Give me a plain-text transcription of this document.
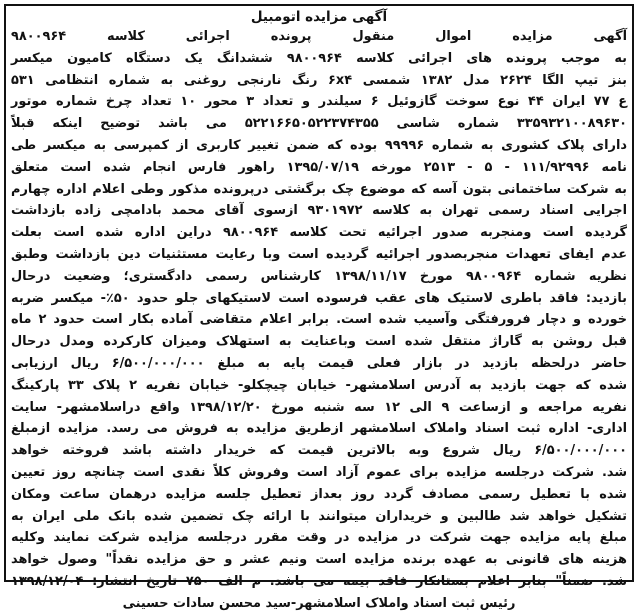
آگهی مزایده اتومبیل
آگهی مزایده اموال منقول پرونده اجرائی کلاسه ۹۸۰۰۹۶۴
به موجب پرونده های اجرائی کلاسه ۹۸۰۰۹۶۴ ششدانگ یک دستگاه کامیون میکسر
بنز تیپ الگا ۲۶۲۴ مدل ۱۳۸۲ شمسی ۶x۴ رنگ نارنجی روغنی به شماره انتظامی ۵۳۱
ع ۷۷ ایران ۴۴ نوع سوخت گازوئیل ۶ سیلندر و تعداد ۳ محور ۱۰ تعداد چرخ شماره موتور
۳۳۵۹۳۲۱۰۰۸۹۶۳۰ شماره شاسی ۵۲۲۱۶۶۵۰۵۲۲۳۷۴۳۵۵ می باشد توضیح اینکه قبلاً
دارای پلاک کشوری به شماره ۹۹۹۹۶ بوده که ضمن تغییر کاربری از کمپرسی به میکسر طی
نامه ۱۱۱/۹۲۹۹۶ - ۵ - ۲۵۱۳ مورخه ۱۳۹۵/۰۷/۱۹ راهور فارس انجام شده است متعلق
به شرکت ساختمانی بتون آسه که موضوع چک برگشتی درپرونده مذکور وطی اعلام اداره چهارم
اجرایی اسناد رسمی تهران به کلاسه ۹۳۰۱۹۷۲ ازسوی آقای محمد بادامچی زاده بازداشت
گردیده است ومنجربه صدور اجرائیه تحت کلاسه ۹۸۰۰۹۶۴ دراین اداره شده است بعلت
عدم ایفای تعهدات منجربصدور اجرائیه گردیده است وبا رعایت مستثنیات دین بازداشت وطبق
نظریه شماره ۹۸۰۰۹۶۴ مورخ ۱۳۹۸/۱۱/۱۷ کارشناس رسمی دادگستری؛ وضعیت درحال
بازدید: فاقد باطری لاستیک های عقب فرسوده است لاستیکهای جلو حدود ۵۰٪- میکسر ضربه
خورده و دچار فرورفتگی وآسیب شده است. برابر اعلام متقاضی آماده بکار است حدود ۲ ماه
قبل روشن به گاراژ منتقل شده است وباعنایت به استهلاک ومیزان کارکرده ومدل درحال
حاضر درلحظه بازدید در بازار فعلی قیمت پایه به مبلغ ۶/۵۰۰/۰۰۰/۰۰۰ ریال ارزیابی
شده که جهت بازدید به آدرس اسلامشهر- خیابان چیچکلو- خیابان نفریه ۲ پلاک ۳۳ پارکینگ
نفریه مراجعه و ازساعت ۹ الی ۱۲ سه شنبه مورخ ۱۳۹۸/۱۲/۲۰ واقع دراسلامشهر- سایت
اداری- اداره ثبت اسناد واملاک اسلامشهر ازطریق مزایده به فروش می رسد. مزایده ازمبلغ
۶/۵۰۰/۰۰۰/۰۰۰ ریال شروع وبه بالاترین قیمت که خریدار داشته باشد فروخته خواهد
شد. شرکت درجلسه مزایده برای عموم آزاد است وفروش کلاً نقدی است چنانچه روز تعیین
شده با تعطیل رسمی مصادف گردد روز بعداز تعطیل جلسه مزایده درهمان ساعت ومکان
تشکیل خواهد شد طالبین و خریداران میتوانند با ارائه چک تضمین شده بانک ملی ایران به
مبلغ پایه مزایده جهت شرکت در مزایده در وقت مقرر درجلسه مزایده شرکت نمایند وکلیه
هزینه های قانونی به عهده برنده مزایده است ونیم عشر و حق مزایده نقداً" وصول خواهد
شد. ضمناً" بنابر اعلام بستانکار فاقد بیمه می باشد. م الف ۷۵۰ تاریخ انتشار: ۱۳۹۸/۱۲/۰۴
رئیس ثبت اسناد واملاک اسلامشهر-سید محسن سادات حسینی
